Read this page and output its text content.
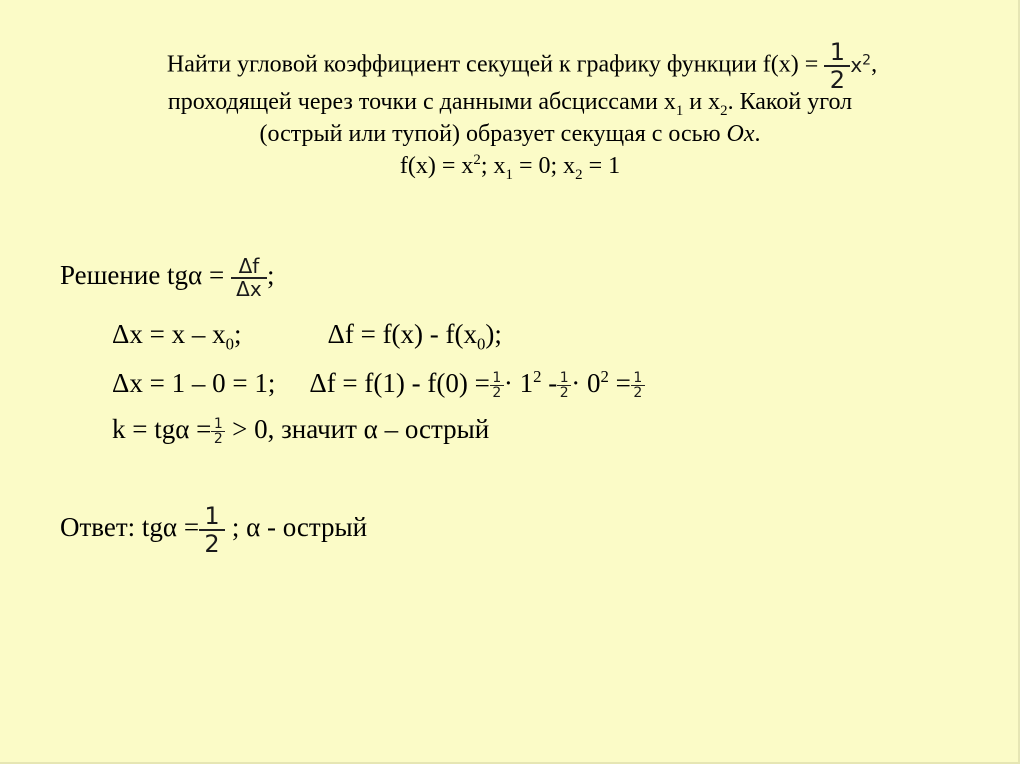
Найти угловой коэффициент секущей к графику функции $f(x) = \frac{1}{2} x^2$,
проходящей через точки с данными абсциссами $x_1$ и $x_2$. Какой угол
(острый или тупой) образует секущая с осью Ox.
$f(x) = x^2$; $x_1 = 0$; $x_2 = 1$
Решение $tg\alpha = \frac{\Delta f}{\Delta x}$ ;
$\Delta x = x - x_0$;	$\Delta f = f(x) - f(x_0)$;
Δx = 1 – 0 = 1; $\Delta f = f(1) - f(0) = \frac{1}{2} \cdot 1^2 - \frac{1}{2} \cdot 0^2 = \frac{1}{2}$
$k = tg\alpha = \frac{1}{2} > 0$, значит α – острый
Ответ: $tg\alpha = \frac{1}{2}$ ; α - острый
